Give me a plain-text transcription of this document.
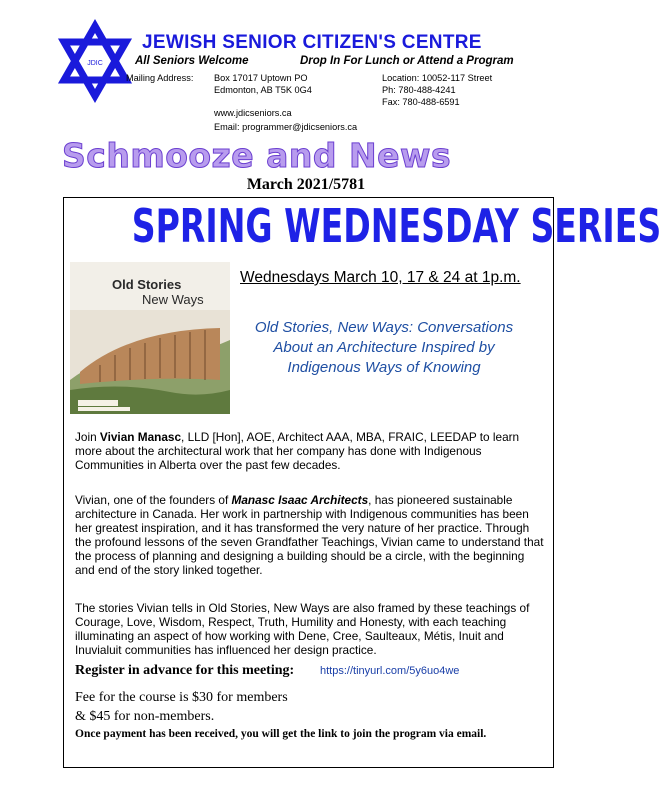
JDIC
JEWISH SENIOR CITIZEN'S CENTRE
All Seniors Welcome	Drop In For Lunch or Attend a Program
Mailing Address: Box 17017 Uptown PO
Edmonton, AB T5K 0G4
Location: 10052-117 Street
Ph: 780-488-4241
Fax: 780-488-6591
www.jdicseniors.ca
Email: programmer@jdicseniors.ca
Schmooze and News
March 2021/5781
SPRING WEDNESDAY SERIES
Old Stories
New Ways
Wednesdays March 10, 17 & 24 at 1p.m.
Old Stories, New Ways: Conversations About an Architecture Inspired by Indigenous Ways of Knowing
Join Vivian Manasc, LLD [Hon], AOE, Architect AAA, MBA, FRAIC, LEEDAP to learn more about the architectural work that her company has done with Indigenous Communities in Alberta over the past few decades.
Vivian, one of the founders of Manasc Isaac Architects, has pioneered sustainable architecture in Canada. Her work in partnership with Indigenous communities has been her greatest inspiration, and it has transformed the very nature of her practice. Through the profound lessons of the seven Grandfather Teachings, Vivian came to understand that the process of planning and designing a building should be a circle, with the beginning and end of the story linked together.
The stories Vivian tells in Old Stories, New Ways are also framed by these teachings of Courage, Love, Wisdom, Respect, Truth, Humility and Honesty, with each teaching illuminating an aspect of how working with Dene, Cree, Saulteaux, Métis, Inuit and Inuvialuit communities has influenced her design practice.
Register in advance for this meeting: https://tinyurl.com/5y6uo4we
Fee for the course is $30 for members
& $45 for non-members.
Once payment has been received, you will get the link to join the program via email.
